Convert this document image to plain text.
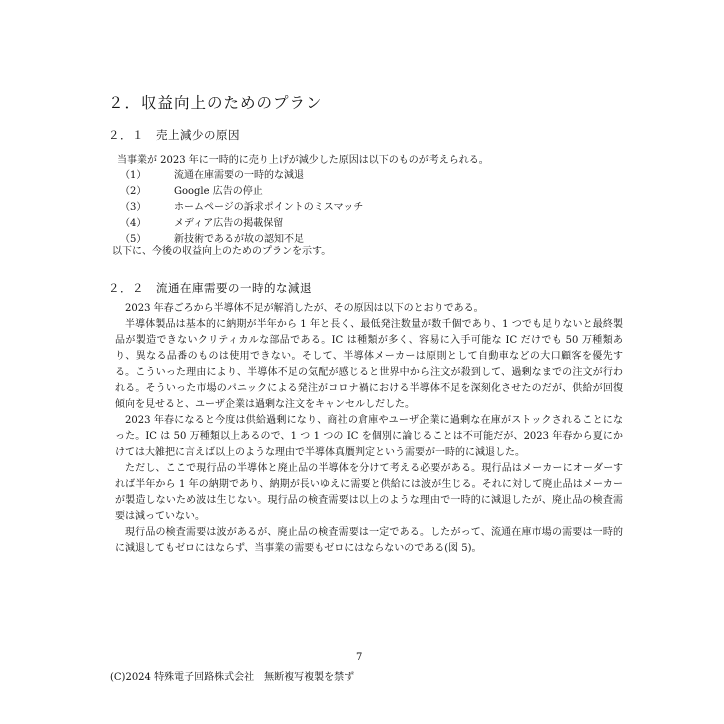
２．収益向上のためのプラン
２．１　売上減少の原因
当事業が 2023 年に一時的に売り上げが減少した原因は以下のものが考えられる。
（1）	流通在庫需要の一時的な減退
（2）	Google 広告の停止
（3）	ホームページの訴求ポイントのミスマッチ
（4）	メディア広告の掲載保留
（5）	新技術であるが故の認知不足
以下に、今後の収益向上のためのプランを示す。
２．２　流通在庫需要の一時的な減退

2023 年春ごろから半導体不足が解消したが、その原因は以下のとおりである。

半導体製品は基本的に納期が半年から 1 年と長く、最低発注数量が数千個であり、1 つでも足りないと最終製品が製造できないクリティカルな部品である。IC は種類が多く、容易に入手可能な IC だけでも 50 万種類あり、異なる品番のものは使用できない。そして、半導体メーカーは原則として自動車などの大口顧客を優先する。こういった理由により、半導体不足の気配が感じると世界中から注文が殺到して、過剰なまでの注文が行われる。そういった市場のパニックによる発注がコロナ禍における半導体不足を深刻化させたのだが、供給が回復傾向を見せると、ユーザ企業は過剰な注文をキャンセルしだした。

2023 年春になると今度は供給過剰になり、商社の倉庫やユーザ企業に過剰な在庫がストックされることになった。IC は 50 万種類以上あるので、1 つ 1 つの IC を個別に論じることは不可能だが、2023 年春から夏にかけては大雑把に言えば以上のような理由で半導体真贋判定という需要が一時的に減退した。

ただし、ここで現行品の半導体と廃止品の半導体を分けて考える必要がある。現行品はメーカーにオーダーすれば半年から 1 年の納期であり、納期が長いゆえに需要と供給には波が生じる。それに対して廃止品はメーカーが製造しないため波は生じない。現行品の検査需要は以上のような理由で一時的に減退したが、廃止品の検査需要は減っていない。

現行品の検査需要は波があるが、廃止品の検査需要は一定である。したがって、流通在庫市場の需要は一時的に減退してもゼロにはならず、当事業の需要もゼロにはならないのである(図 5)。

7
(C)2024 特殊電子回路株式会社　無断複写複製を禁ず
